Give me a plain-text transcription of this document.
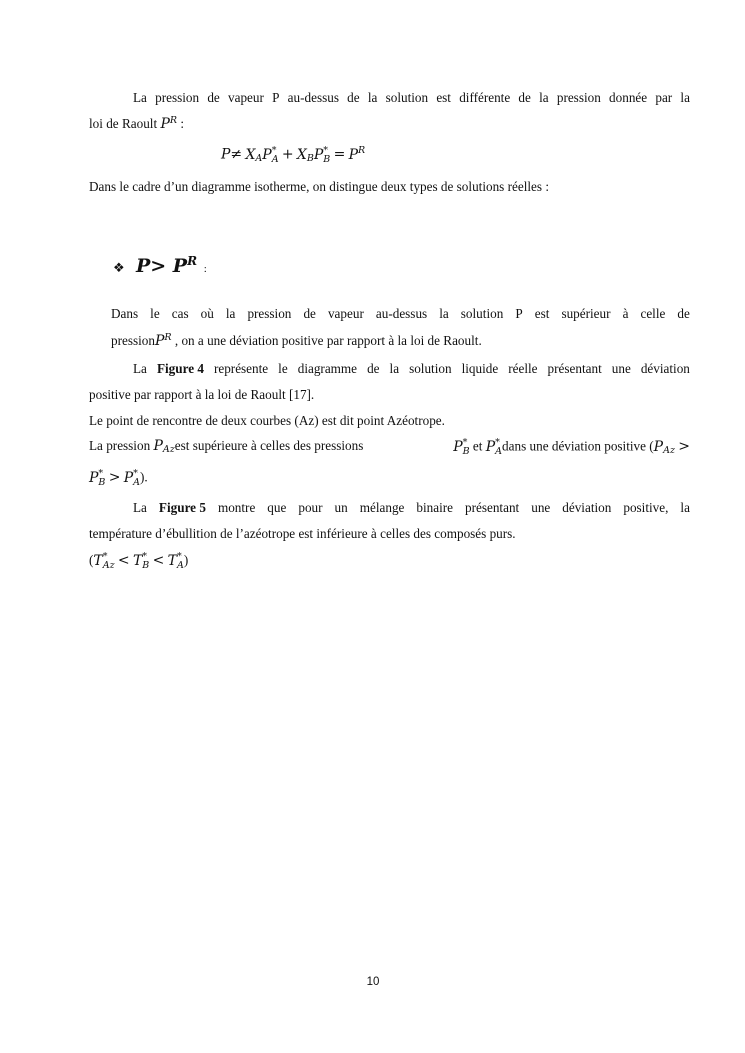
La pression de vapeur P au-dessus de la solution est différente de la pression donnée par la
loi de Raoult $P^R$ :
$P\ne X_AP$ *
$A + X_BP$ *
$B = P^R$
Dans le cadre d’un diagramme isotherme, on distingue deux types de solutions réelles :
❖ $P> P^R$ :
Dans le cas où la pression de vapeur au-dessus la solution P est supérieur à celle de
pressionP$^R$ , on a une déviation positive par rapport à la loi de Raoult.
La Figure 4 représente le diagramme de la solution liquide réelle présentant une déviation
positive par rapport à la loi de Raoult [17].
Le point de rencontre de deux courbes (Az) est dit point Azéotrope.
La pression $P_{Az}est$ supérieure à celles des pressions	P *
B et P *
A dans une déviation positive ($P_{Az}$ >
P *
B > P *
A ).
La Figure 5 montre que pour un mélange binaire présentant une déviation positive, la
température d’ébullition de l’azéotrope est inférieure à celles des composés purs.
(T *
Az < T *
B < T *
A )
10
